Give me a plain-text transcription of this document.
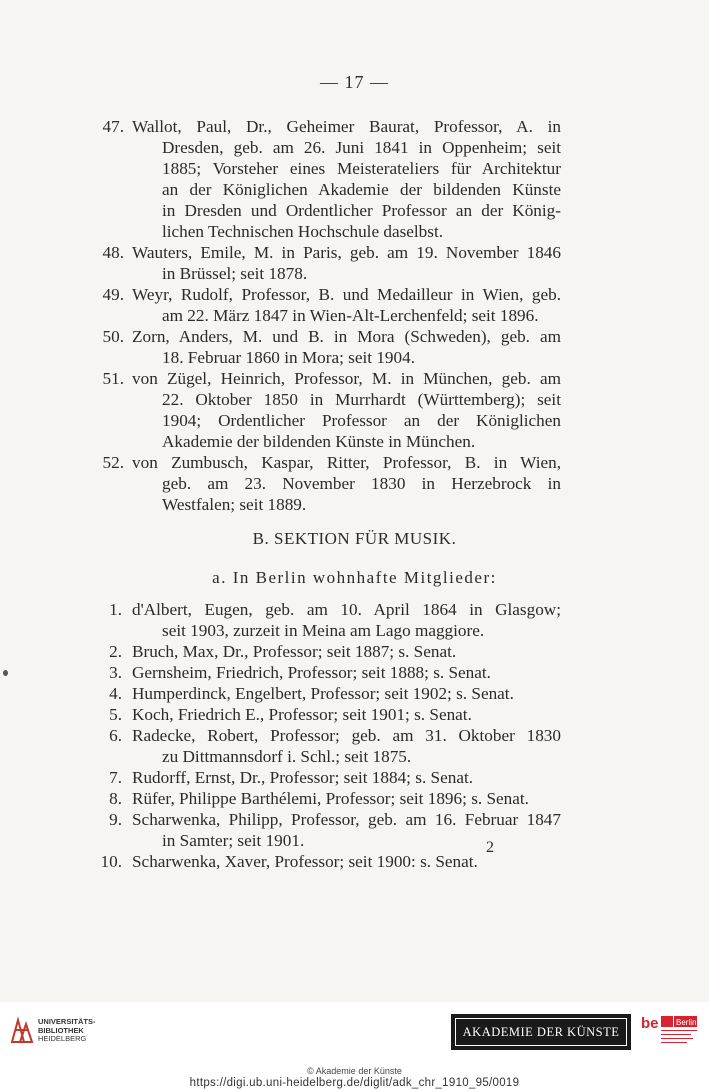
— 17 —
47. Wallot, Paul, Dr., Geheimer Baurat, Professor, A. in
Dresden, geb. am 26. Juni 1841 in Oppenheim; seit
1885; Vorsteher eines Meisterateliers für Architektur
an der Königlichen Akademie der bildenden Künste
in Dresden und Ordentlicher Professor an der König-
lichen Technischen Hochschule daselbst.
48. Wauters, Emile, M. in Paris, geb. am 19. November 1846
in Brüssel; seit 1878.
49. Weyr, Rudolf, Professor, B. und Medailleur in Wien, geb.
am 22. März 1847 in Wien-Alt-Lerchenfeld; seit 1896.
50. Zorn, Anders, M. und B. in Mora (Schweden), geb. am
18. Februar 1860 in Mora; seit 1904.
51. von Zügel, Heinrich, Professor, M. in München, geb. am
22. Oktober 1850 in Murrhardt (Württemberg); seit
1904; Ordentlicher Professor an der Königlichen
Akademie der bildenden Künste in München.
52. von Zumbusch, Kaspar, Ritter, Professor, B. in Wien,
geb. am 23. November 1830 in Herzebrock in
Westfalen; seit 1889.
1. d'Albert, Eugen, geb. am 10. April 1864 in Glasgow;
seit 1903, zurzeit in Meina am Lago maggiore.
2. Bruch, Max, Dr., Professor; seit 1887; s. Senat.
3. Gernsheim, Friedrich, Professor; seit 1888; s. Senat.
4. Humperdinck, Engelbert, Professor; seit 1902; s. Senat.
5. Koch, Friedrich E., Professor; seit 1901; s. Senat.
6. Radecke, Robert, Professor; geb. am 31. Oktober 1830
zu Dittmannsdorf i. Schl.; seit 1875.
7. Rudorff, Ernst, Dr., Professor; seit 1884; s. Senat.
8. Rüfer, Philippe Barthélemi, Professor; seit 1896; s. Senat.
9. Scharwenka, Philipp, Professor, geb. am 16. Februar 1847
in Samter; seit 1901.
10. Scharwenka, Xaver, Professor; seit 1900: s. Senat.
B. SEKTION FÜR MUSIK.
a. In Berlin wohnhafte Mitglieder:
2
UNIVERSITÄTS-
BIBLIOTHEK
HEIDELBERG	AKADEMIE DER KÜNSTE	be Berlin
© Akademie der Künste
https://digi.ub.uni-heidelberg.de/diglit/adk_chr_1910_95/0019
